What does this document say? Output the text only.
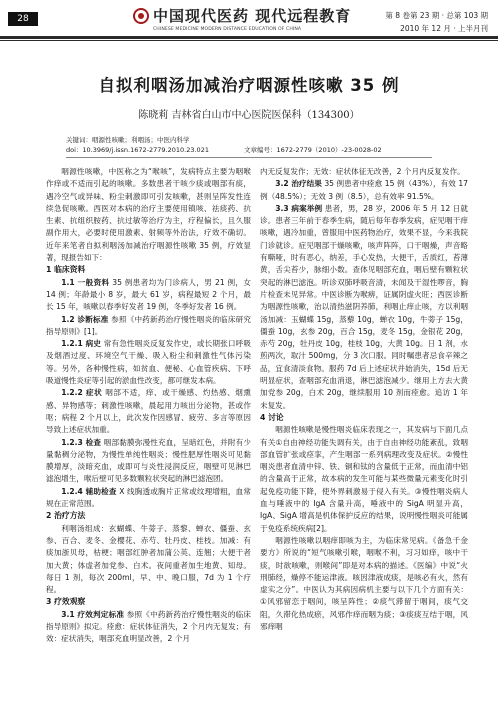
28	中国现代医药 现代远程教育
CHINESE MEDICINE MODERN DISTANCE EDUCATION OF CHINA
第 8 卷第 23 期 · 总第 103 期
2010 年 12 月 · 上半月刊
自拟利咽汤加减治疗咽源性咳嗽 35 例
陈晓莉 吉林省白山市中心医院医保科（134300）
关键词：咽源性咳嗽；利咽汤；中医内科学
doi：10.3969/j.issn.1672-2779.2010.23.021	文章编号：1672-2779（2010）-23-0028-02

咽源性咳嗽，中医称之为“喉咳”，发病特点主要为咽喉作痒或不适而引起的咳嗽。多数患者干咳少痰或咽部有痰，遇冷空气或异味、粉尘刺激即可引发咳嗽，甚则呈阵发性连续急促咳嗽。西医对本病的治疗主要使用镇咳、祛痰药、抗生素、抗组织胺药、抗过敏等治疗为主，疗程偏长，且久服副作用大，必要时使用激素、射频等外治法，疗效不确切。近年来笔者自拟利咽汤加减治疗咽源性咳嗽 35 例，疗效显著，现报告如下：

1 临床资料

1.1 一般资料 35 例患者均为门诊病人，男 21 例，女 14 例；年龄最小 8 岁，最大 61 岁，病程最短 2 个月，最长 15 年，咳嗽以春季好发者 19 例，冬季好发者 16 例。

1.2 诊断标准 参照《中药新药治疗慢性咽炎的临床研究指导原则》[1]。

1.2.1 病史 常有急性咽炎反复发作史，或长期张口呼吸及烟酒过度、环境空气干燥、吸入粉尘和刺激性气体污染等。另外，各种慢性病，如贫血、便秘、心血管疾病、下呼吸道慢性炎症等引起的淤血性改变，都可继发本病。

1.2.2 症状 咽部不适，痒、或干燥感、灼热感、烟熏感、异物感等；刺激性咳嗽，晨起用力咳出分泌物，甚或作呕；病程 2 个月以上，此次发作因感冒、疲劳、多言等原因导致上述症状加重。

1.2.3 检查 咽部黏膜弥漫性充血，呈暗红色，并附有少量黏稠分泌物，为慢性单纯性咽炎；慢性肥厚性咽炎可见黏膜增厚，淡暗充血，或即可与炎性浸润反应，咽壁可见淋巴滤泡增生，喉后壁可见多数颗粒状突起的淋巴滤泡团。

1.2.4 辅助检查 X 线胸透或胸片正常或纹理增粗，血常规在正常范围。

2 治疗方法

利咽汤组成：玄蝴蝶、牛蒡子、蒸黎、蝉衣、僵蚕、玄参、百合、麦冬、金樱花、赤芍、牡丹皮、桂枝。加减：有痰加浙贝母，枯梗；咽部红肿者加蒲公英、连翘；大便干者加大黄；体虚者加党参、白术。夜间重者加生地黄、知母。每日 1 剂，每次 200ml，早、中、晚口服，7d 为 1 个疗程。

3 疗效观察

3.1 疗效判定标准 参照《中药新药治疗慢性咽炎的临床指导原则》拟定。痊愈：症状体征消失，2 个月内无复发；有效：症状消失，咽部充血明显改善，2 个月

内无反复发作；无效：症状体征无改善，2 个月内反复发作。

3.2 治疗结果 35 例患者中痊愈 15 例（43%），有效 17 例（48.5%）；无效 3 例（8.5），总有效率 91.5%。

3.3 病案举例 患者，男，28 岁，2006 年 5 月 12 日就诊。患者三年前于春季生病，随后每年春季发病，症见咽干痒咳嗽，遇冷加重，曾服用中医药物治疗，效果不显，今来我院门诊就诊。症见咽部干燥咳嗽，咳声阵阵，口干咽燥，声音略有嘶哑，时有恶心，纳差，手心发热，大便干，舌质红，苔薄黄，舌尖苔少，脉细小数。查体见咽部充血，咽后壁有颗粒状突起的淋巴滤泡。听诊双肺呼吸音清，未闻及干湿性啰音，胸片检查未见异常。中医诊断为喉痹，证属阴虚火旺；西医诊断为咽源性咳嗽，治以清热滋阴养肺，利咽止痒止咳，方以利咽汤加减：玉蝴蝶 15g，蒸藜 10g，蝉衣 10g，牛蒡子 15g，僵蚕 10g，玄参 20g，百合 15g，麦冬 15g，金银花 20g，赤芍 20g，牡丹皮 10g，桂枝 10g，大黄 10g。日 1 剂，水煎两次，取汁 500mg，分 3 次口服。同时嘱患者忌食辛辣之品，宜食清淡食物。服药 7d 后上述症状并始消失，15d 后无明显症状，查咽部充血消退，淋巴滤泡减少。继用上方去大黄加党参 20g，白术 20g，继续服用 10 剂而痊愈。追访 1 年未复发。

4 讨论

咽源性咳嗽是慢性咽炎临床表现之一，其发病与下面几点有关①自由神经功能失调有关，由于自由神经功能紊乱，致咽部血管扩张或痉挛，产生咽部一系列病理改变及症状。②慢性咽炎患者血清中锌、铁、铜和钛的含量低于正常，而血清中铝的含量高于正常，故本病的发生可能与某些微量元素变化时引起免疫功能下降，使外界刺激易于侵入有关。③慢性咽炎病人血与唾液中的 IgA 含量升高，唾液中的 SigA 明显升高，IgA、SigA 增高是机体保护反应的结果，说明慢性咽炎可能属于免疫系统疾病[2]。

咽源性咳嗽以咽痒即咳为主，为临床常见病。《备急千金要方》所说的“短气咳嗽引喉，咽喉不利，习习如痒，咳中干痰，时欲咳嗽，则喉间”即是对本病的描述。《医编》中说“火刑肺经，燥停不能运津液。咳因津液成痰，是咳必有火，然有虚实之分”。中医认为其病因病机主要与以下几个方面有关：①风邪留恋于咽间，咳呈阵性；②痰气滞留于咽间，痰气交阻，久滞化热成瘀，风邪作痒而咽为痰；③痰痰互结于咽，风邪痒咽
